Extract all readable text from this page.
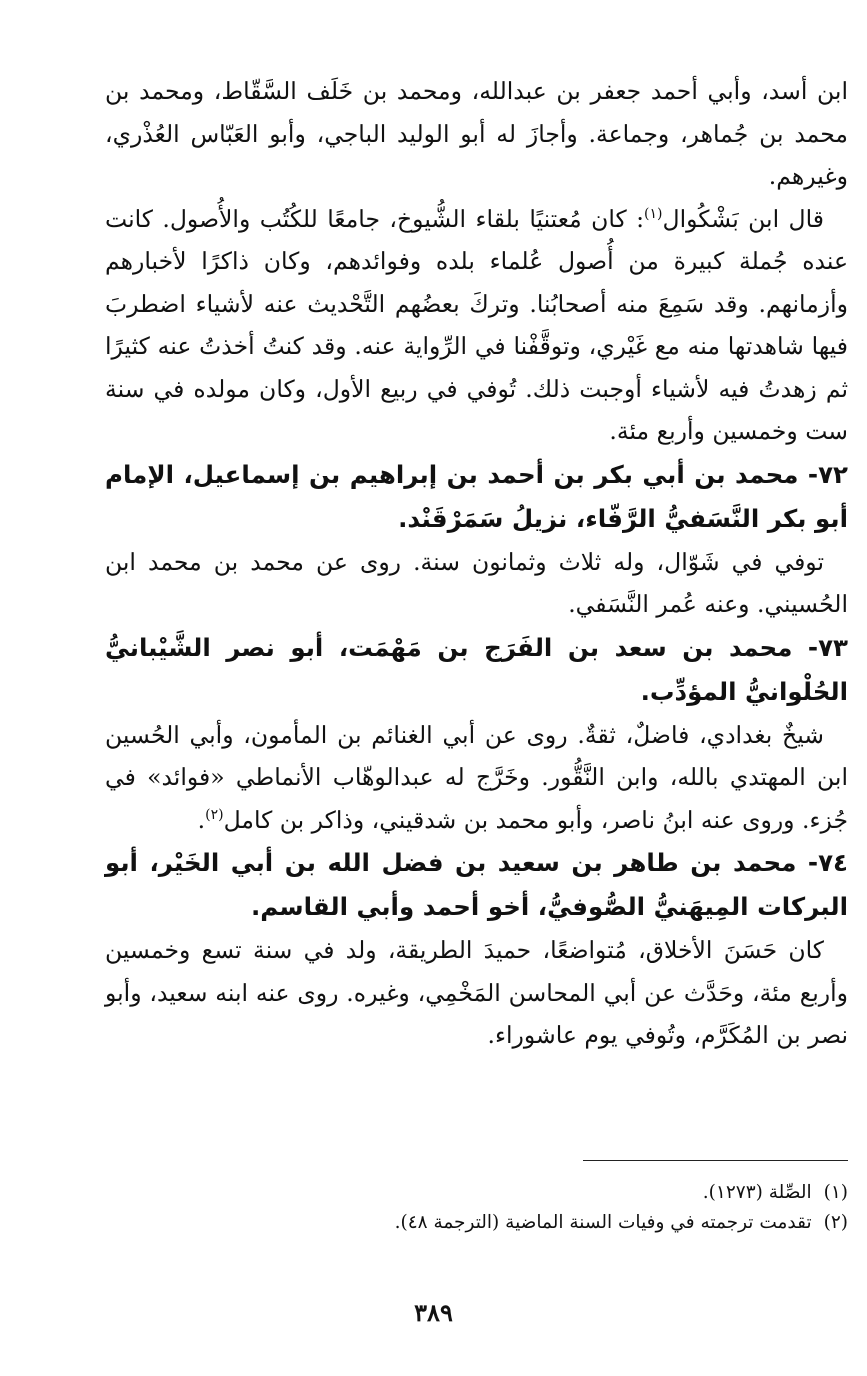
ابن أسد، وأبي أحمد جعفر بن عبدالله، ومحمد بن خَلَف السَّقّاط، ومحمد بن محمد بن جُماهر، وجماعة. وأجازَ له أبو الوليد الباجي، وأبو العَبّاس العُذْري، وغيرهم.

قال ابن بَشْكُوال$^{(١)}$: كان مُعتنيًا بلقاء الشُّيوخ، جامعًا للكُتُب والأُصول. كانت عنده جُملة كبيرة من أُصول عُلماء بلده وفوائدهم، وكان ذاكرًا لأخبارهم وأزمانهم. وقد سَمِعَ منه أصحابُنا. وتركَ بعضُهم التَّحْديث عنه لأشياء اضطربَ فيها شاهدتها منه مع غَيْري، وتوقَّفْنا في الرِّواية عنه. وقد كنتُ أخذتُ عنه كثيرًا ثم زهدتُ فيه لأشياء أوجبت ذلك. تُوفي في ربيع الأول، وكان مولده في سنة ست وخمسين وأربع مئة.

٧٢- محمد بن أبي بكر بن أحمد بن إبراهيم بن إسماعيل، الإمام أبو بكر النَّسَفيُّ الرَّفّاء، نزيلُ سَمَرْقَنْد.

توفي في شَوّال، وله ثلاث وثمانون سنة. روى عن محمد بن محمد ابن الحُسيني. وعنه عُمر النَّسَفي.

٧٣- محمد بن سعد بن الفَرَج بن مَهْمَت، أبو نصر الشَّيْبانيُّ الحُلْوانيُّ المؤدِّب.

شيخٌ بغدادي، فاضلٌ، ثقةٌ. روى عن أبي الغنائم بن المأمون، وأبي الحُسين ابن المهتدي بالله، وابن النَّقُّور. وخَرَّج له عبدالوهّاب الأنماطي «فوائد» في جُزء. وروى عنه ابنُ ناصر، وأبو محمد بن شدقيني، وذاكر بن كامل$^{(٢)}$.

٧٤- محمد بن طاهر بن سعيد بن فضل الله بن أبي الخَيْر، أبو البركات المِيهَنيُّ الصُّوفيُّ، أخو أحمد وأبي القاسم.

كان حَسَنَ الأخلاق، مُتواضعًا، حميدَ الطريقة، ولد في سنة تسع وخمسين وأربع مئة، وحَدَّث عن أبي المحاسن المَخْمِي، وغيره. روى عنه ابنه سعيد، وأبو نصر بن المُكَرَّم، وتُوفي يوم عاشوراء.

(١)الصِّلة (١٢٧٣).

(٢)تقدمت ترجمته في وفيات السنة الماضية (الترجمة ٤٨).

٣٨٩
